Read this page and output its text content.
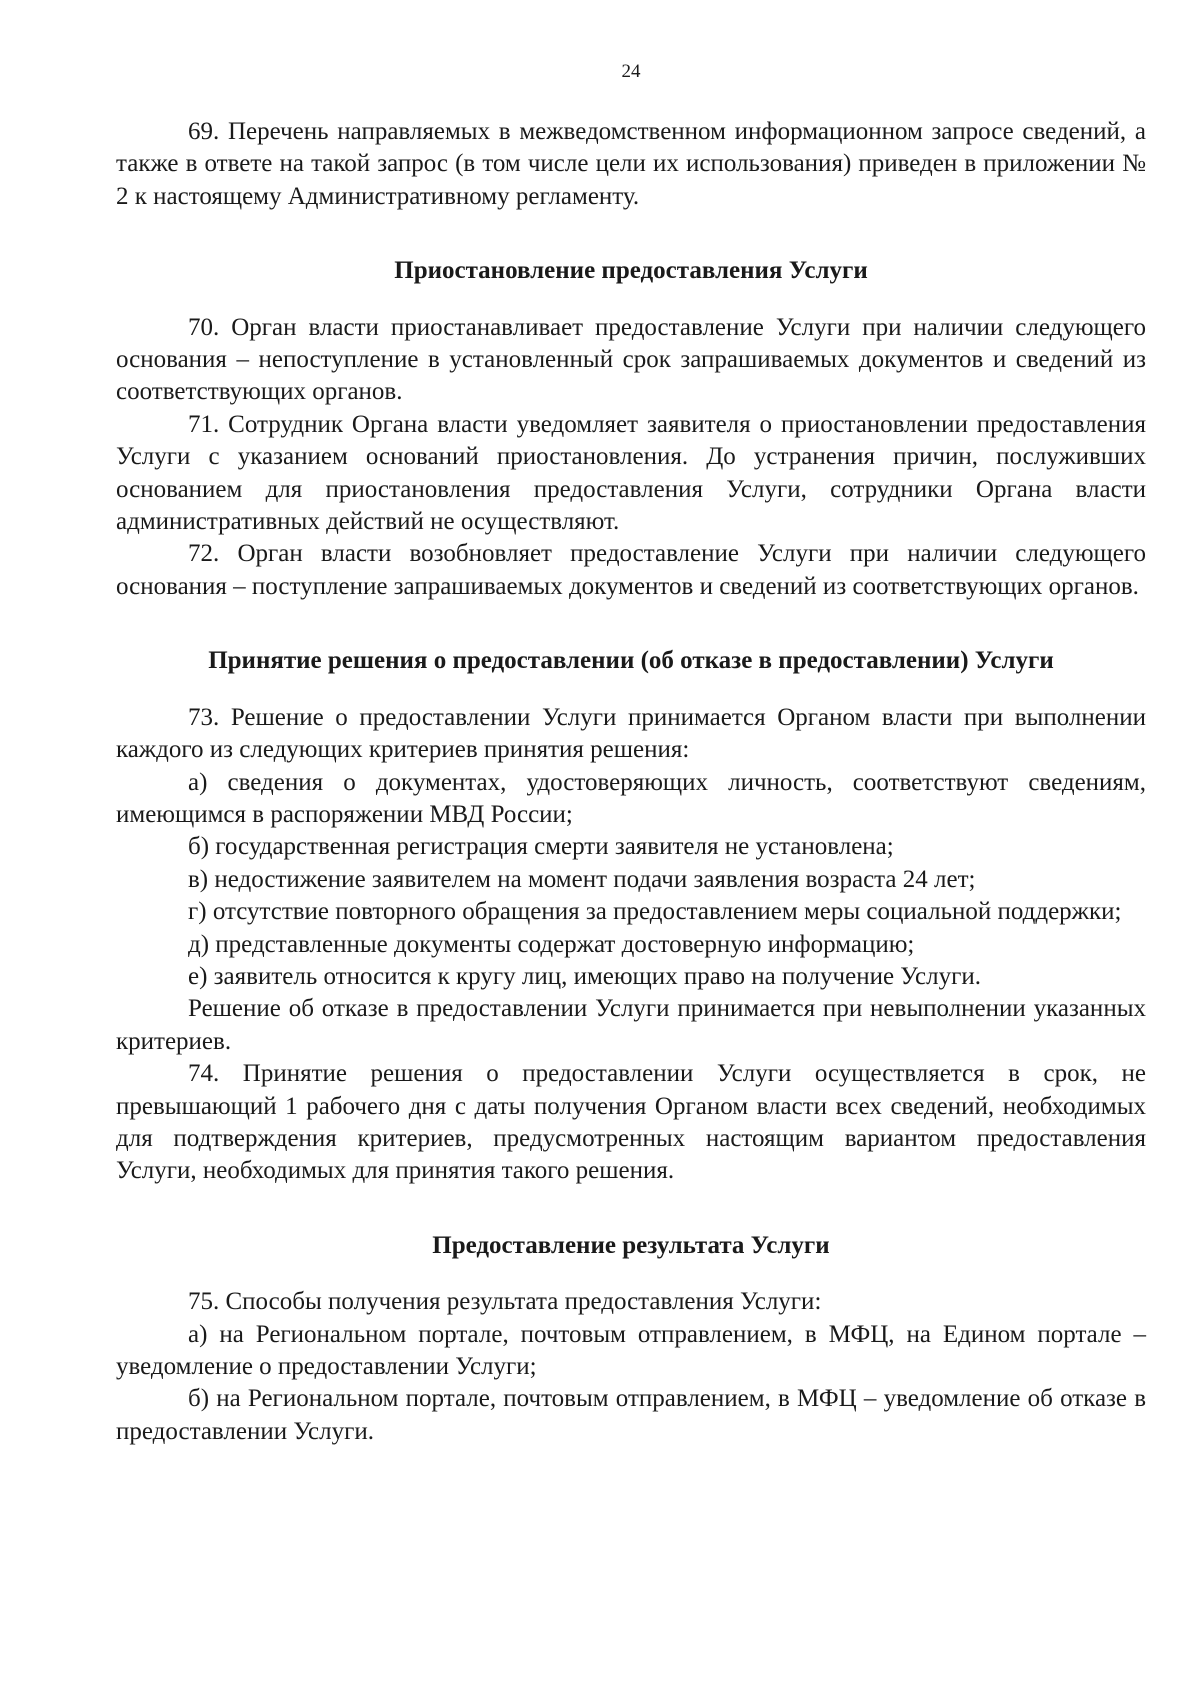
24

69. Перечень направляемых в межведомственном информационном запросе сведений, а также в ответе на такой запрос (в том числе цели их использования) приведен в приложении № 2 к настоящему Административному регламенту.

Приостановление предоставления Услуги

70. Орган власти приостанавливает предоставление Услуги при наличии следующего основания – непоступление в установленный срок запрашиваемых документов и сведений из соответствующих органов.

71. Сотрудник Органа власти уведомляет заявителя о приостановлении предоставления Услуги с указанием оснований приостановления. До устранения причин, послуживших основанием для приостановления предоставления Услуги, сотрудники Органа власти административных действий не осуществляют.

72. Орган власти возобновляет предоставление Услуги при наличии следующего основания – поступление запрашиваемых документов и сведений из соответствующих органов.

Принятие решения о предоставлении (об отказе в предоставлении) Услуги

73. Решение о предоставлении Услуги принимается Органом власти при выполнении каждого из следующих критериев принятия решения:

а) сведения о документах, удостоверяющих личность, соответствуют сведениям, имеющимся в распоряжении МВД России;

б) государственная регистрация смерти заявителя не установлена;

в) недостижение заявителем на момент подачи заявления возраста 24 лет;

г) отсутствие повторного обращения за предоставлением меры социальной поддержки;

д) представленные документы содержат достоверную информацию;

е) заявитель относится к кругу лиц, имеющих право на получение Услуги.

Решение об отказе в предоставлении Услуги принимается при невыполнении указанных критериев.

74. Принятие решения о предоставлении Услуги осуществляется в срок, не превышающий 1 рабочего дня с даты получения Органом власти всех сведений, необходимых для подтверждения критериев, предусмотренных настоящим вариантом предоставления Услуги, необходимых для принятия такого решения.

Предоставление результата Услуги

75. Способы получения результата предоставления Услуги:

а) на Региональном портале, почтовым отправлением, в МФЦ, на Едином портале – уведомление о предоставлении Услуги;

б) на Региональном портале, почтовым отправлением, в МФЦ – уведомление об отказе в предоставлении Услуги.
